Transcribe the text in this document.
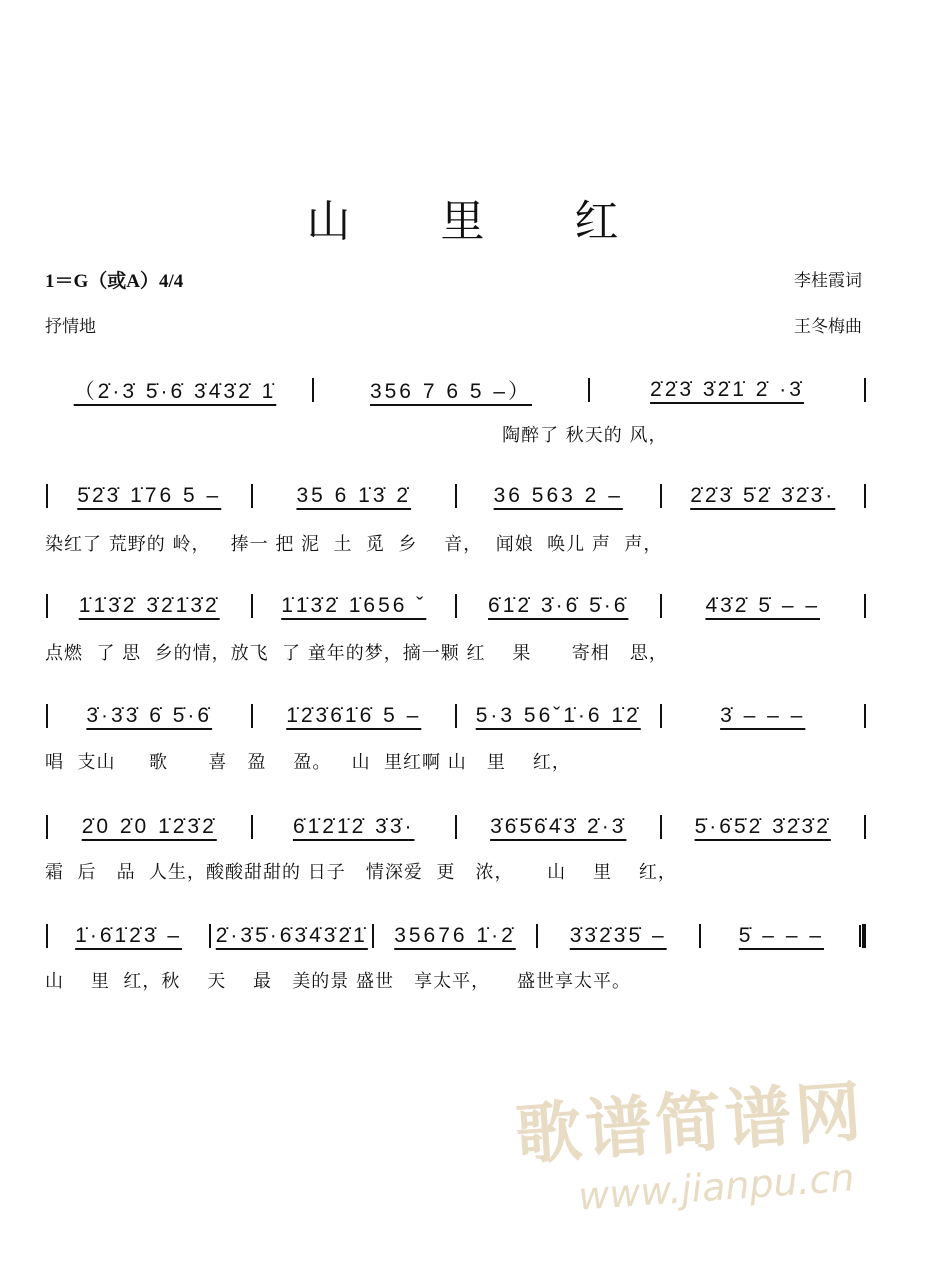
山 里 红
1＝G（或A）4/4
抒情地
李桂霞词
王冬梅曲
（2̇·3̇ 5̇·6̇ 3̇4̇3̇2̇ 1̇	356 7 6 5 –）	2̇2̇3̇ 3̇2̇1̇ 2̇ ·3̇
陶醉了 秋天的 风，
5̇2̇3̇ 1̇76 5 –	35 6 1̇3̇ 2̇	36 563 2 –	2̇2̇3̇ 5̇2̇ 3̇2̇3̇·
染红了 荒野的 岭，   捧一 把 泥  土  觅  乡    音，  闻娘  唤儿 声  声，
1̇1̇3̇2̇ 3̇2̇1̇3̇2̇	1̇1̇3̇2̇ 1̇656 ˇ	6̇1̇2̇ 3̇·6̇ 5̇·6̇	4̇3̇2̇ 5̇ – –
点燃  了 思  乡的情，放飞  了 童年的梦，摘一颗 红    果      寄相   思，
3̇·3̇3̇ 6̇ 5̇·6̇	1̇2̇3̇6̇1̇6̇ 5 –	5·3 56ˇ1̇·6 1̇2̇	3̇ – – –
唱  支山     歌      喜   盈    盈。   山  里红啊 山   里    红，
2̇0 2̇0 1̇2̇3̇2̇	6̇1̇2̇1̇2̇ 3̇3̇·	3̇6̇5̇6̇4̇3̇ 2̇·3̇	5̇·6̇5̇2̇ 3̇2̇3̇2̇
霜  后   品  人生，酸酸甜甜的 日子   情深爱  更   浓，     山    里    红，
1̇·6̇1̇2̇3̇ –	2̇·3̇5̇·6̇3̇4̇3̇2̇1̇	35676 1̇·2̇	3̇3̇2̇3̇5̇ –	5̇ – – –
山    里  红，秋    天    最   美的景 盛世   享太平，    盛世享太平。
歌谱简谱网
www.jianpu.cn
